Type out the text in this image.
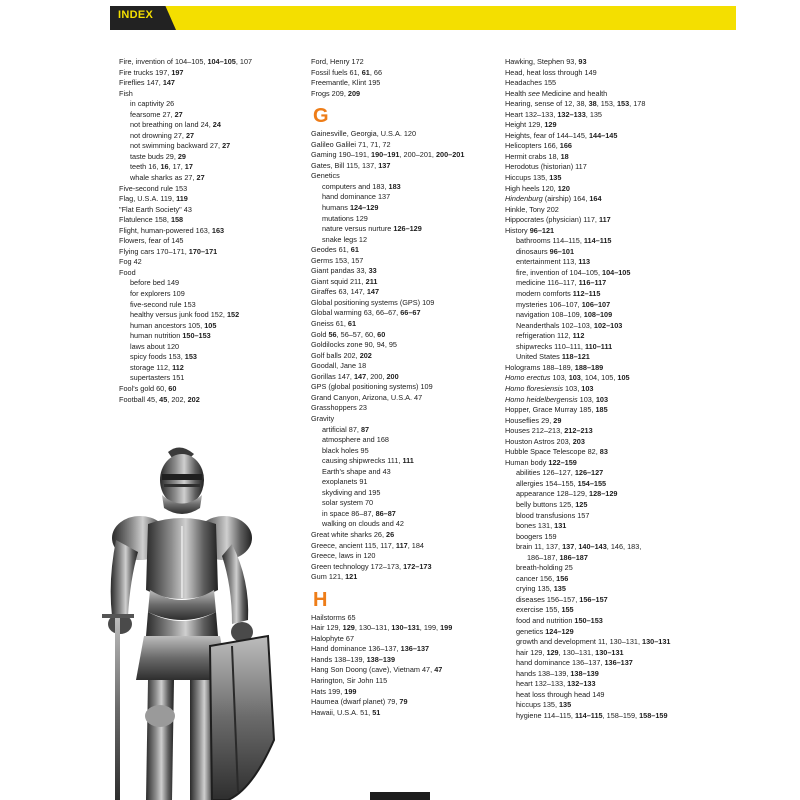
INDEX
Fire, invention of 104–105, 104–105, 107
Fire trucks 197, 197
Fireflies 147, 147
Fish
in captivity 26
fearsome 27, 27
not breathing on land 24, 24
not drowning 27, 27
not swimming backward 27, 27
taste buds 29, 29
teeth 16, 16, 17, 17
whale sharks as 27, 27
Five-second rule 153
Flag, U.S.A. 119, 119
"Flat Earth Society" 43
Flatulence 158, 158
Flight, human-powered 163, 163
Flowers, fear of 145
Flying cars 170–171, 170–171
Fog 42
Food
before bed 149
for explorers 109
five-second rule 153
healthy versus junk food 152, 152
human ancestors 105, 105
human nutrition 150–153
laws about 120
spicy foods 153, 153
storage 112, 112
supertasters 151
Fool's gold 60, 60
Football 45, 45, 202, 202
Ford, Henry 172
Fossil fuels 61, 61, 66
Freemantle, Klint 195
Frogs 209, 209
G
Gainesville, Georgia, U.S.A. 120
Galileo Galilei 71, 71, 72
Gaming 190–191, 190–191, 200–201, 200–201
Gates, Bill 115, 137, 137
Genetics
computers and 183, 183
hand dominance 137
humans 124–129
mutations 129
nature versus nurture 126–129
snake legs 12
Geodes 61, 61
Germs 153, 157
Giant pandas 33, 33
Giant squid 211, 211
Giraffes 63, 147, 147
Global positioning systems (GPS) 109
Global warming 63, 66–67, 66–67
Gneiss 61, 61
Gold 56, 56–57, 60, 60
Goldilocks zone 90, 94, 95
Golf balls 202, 202
Goodall, Jane 18
Gorillas 147, 147, 200, 200
GPS (global positioning systems) 109
Grand Canyon, Arizona, U.S.A. 47
Grasshoppers 23
Gravity
artificial 87, 87
atmosphere and 168
black holes 95
causing shipwrecks 111, 111
Earth's shape and 43
exoplanets 91
skydiving and 195
solar system 70
in space 86–87, 86–87
walking on clouds and 42
Great white sharks 26, 26
Greece, ancient 115, 117, 117, 184
Greece, laws in 120
Green technology 172–173, 172–173
Gum 121, 121
H
Hailstorms 65
Hair 129, 129, 130–131, 130–131, 199, 199
Halophyte 67
Hand dominance 136–137, 136–137
Hands 138–139, 138–139
Hang Son Doong (cave), Vietnam 47, 47
Harington, Sir John 115
Hats 199, 199
Haumea (dwarf planet) 79, 79
Hawaii, U.S.A. 51, 51
Hawking, Stephen 93, 93
Head, heat loss through 149
Headaches 155
Health see Medicine and health
Hearing, sense of 12, 38, 38, 153, 153, 178
Heart 132–133, 132–133, 135
Height 129, 129
Heights, fear of 144–145, 144–145
Helicopters 166, 166
Hermit crabs 18, 18
Herodotus (historian) 117
Hiccups 135, 135
High heels 120, 120
Hindenburg (airship) 164, 164
Hinkle, Tony 202
Hippocrates (physician) 117, 117
History 96–121
bathrooms 114–115, 114–115
dinosaurs 96–101
entertainment 113, 113
fire, invention of 104–105, 104–105
medicine 116–117, 116–117
modern comforts 112–115
mysteries 106–107, 106–107
navigation 108–109, 108–109
Neanderthals 102–103, 102–103
refrigeration 112, 112
shipwrecks 110–111, 110–111
United States 118–121
Holograms 188–189, 188–189
Homo erectus 103, 103, 104, 105, 105
Homo floresiensis 103, 103
Homo heidelbergensis 103, 103
Hopper, Grace Murray 185, 185
Houseflies 29, 29
Houses 212–213, 212–213
Houston Astros 203, 203
Hubble Space Telescope 82, 83
Human body 122–159
abilities 126–127, 126–127
allergies 154–155, 154–155
appearance 128–129, 128–129
belly buttons 125, 125
blood transfusions 157
bones 131, 131
boogers 159
brain 11, 137, 137, 140–143, 146, 183,
186–187, 186–187
breath-holding 25
cancer 156, 156
crying 135, 135
diseases 156–157, 156–157
exercise 155, 155
food and nutrition 150–153
genetics 124–129
growth and development 11, 130–131, 130–131
hair 129, 129, 130–131, 130–131
hand dominance 136–137, 136–137
hands 138–139, 138–139
heart 132–133, 132–133
heat loss through head 149
hiccups 135, 135
hygiene 114–115, 114–115, 158–159, 158–159
